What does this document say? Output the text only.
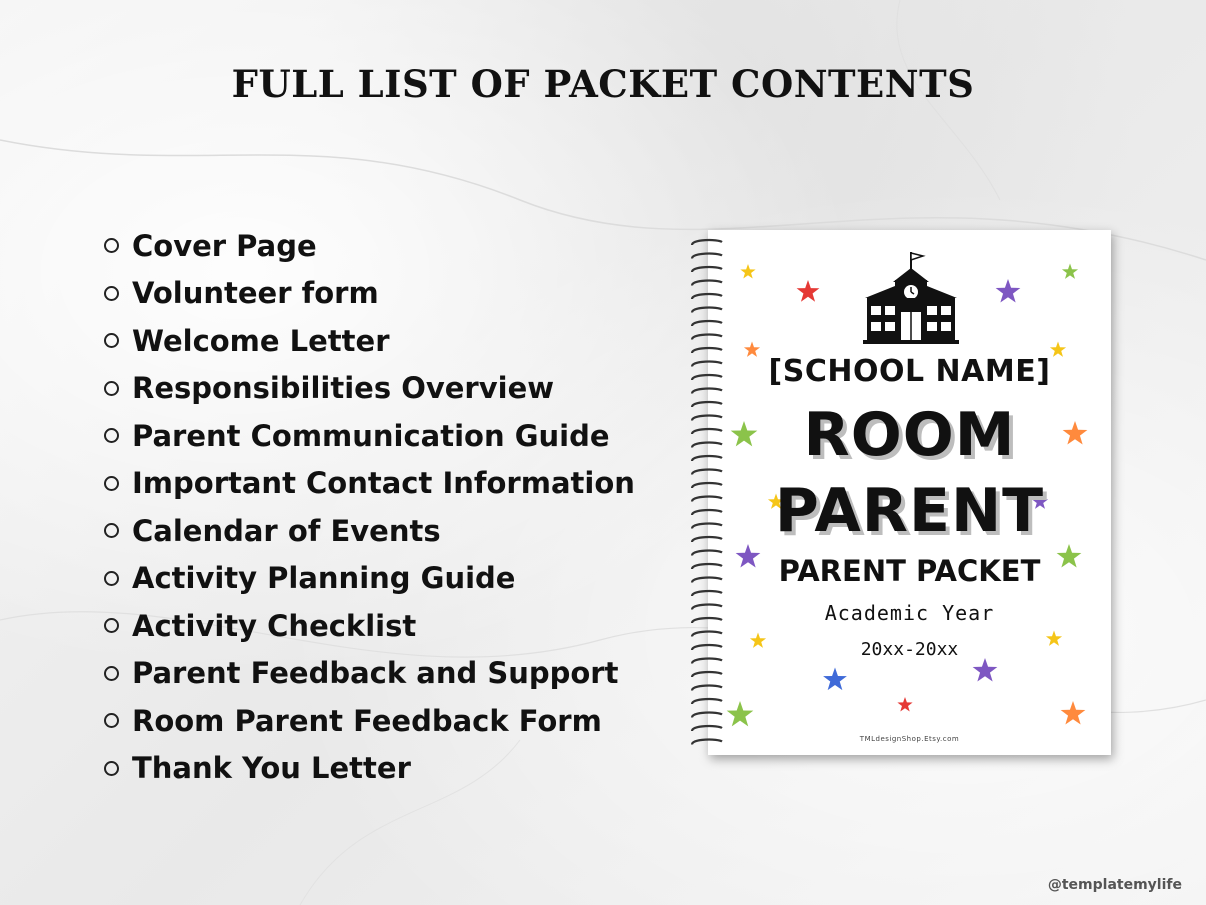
FULL LIST OF PACKET CONTENTS
Cover Page
Volunteer form
Welcome Letter
Responsibilities Overview
Parent Communication Guide
Important Contact Information
Calendar of Events
Activity Planning Guide
Activity Checklist
Parent Feedback and Support
Room Parent Feedback Form
Thank You Letter
[SCHOOL NAME]
ROOM
PARENT
PARENT PACKET
Academic Year
20xx-20xx
TMLdesignShop.Etsy.com
@templatemylife
